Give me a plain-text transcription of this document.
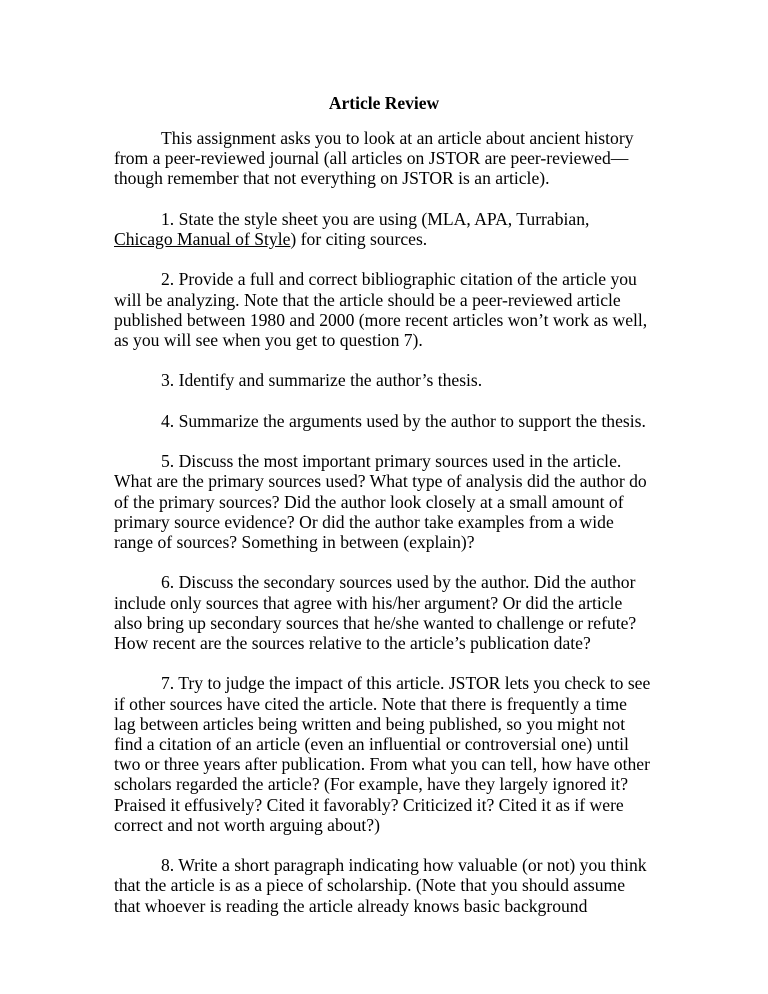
Article Review

This assignment asks you to look at an article about ancient history
from a peer-reviewed journal (all articles on JSTOR are peer-reviewed—
though remember that not everything on JSTOR is an article).

1. State the style sheet you are using (MLA, APA, Turrabian,
Chicago Manual of Style) for citing sources.

2. Provide a full and correct bibliographic citation of the article you
will be analyzing. Note that the article should be a peer-reviewed article
published between 1980 and 2000 (more recent articles won’t work as well,
as you will see when you get to question 7).

3. Identify and summarize the author’s thesis.

4. Summarize the arguments used by the author to support the thesis.

5. Discuss the most important primary sources used in the article.
What are the primary sources used? What type of analysis did the author do
of the primary sources? Did the author look closely at a small amount of
primary source evidence? Or did the author take examples from a wide
range of sources? Something in between (explain)?

6. Discuss the secondary sources used by the author. Did the author
include only sources that agree with his/her argument? Or did the article
also bring up secondary sources that he/she wanted to challenge or refute?
How recent are the sources relative to the article’s publication date?

7. Try to judge the impact of this article. JSTOR lets you check to see
if other sources have cited the article. Note that there is frequently a time
lag between articles being written and being published, so you might not
find a citation of an article (even an influential or controversial one) until
two or three years after publication. From what you can tell, how have other
scholars regarded the article? (For example, have they largely ignored it?
Praised it effusively? Cited it favorably? Criticized it? Cited it as if were
correct and not worth arguing about?)

8. Write a short paragraph indicating how valuable (or not) you think
that the article is as a piece of scholarship. (Note that you should assume
that whoever is reading the article already knows basic background
